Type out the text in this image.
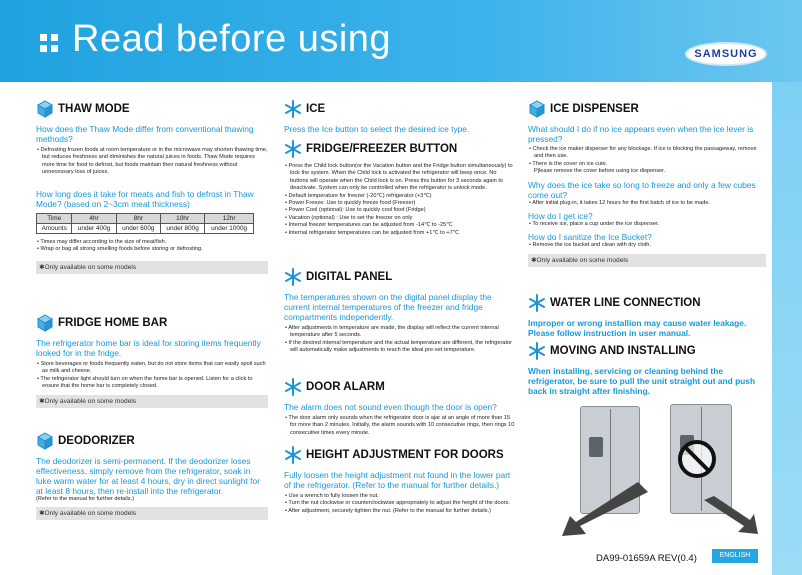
Read before using	SAMSUNG
THAW MODE
How does the Thaw Mode differ from conventional thawing methods?
• Defrosting frozen foods at room temperature or in the microwave may shorten thawing time, but reduces freshness and diminishes the natural juices in foods. Thaw Mode requires more time for food to defrost, but foods maintain their natural freshness without unnecessary loss of juices.
How long does it take for meats and fish to defrost in Thaw Mode? (based on 2~3cm meat thickness)
Time	4hr	8hr	10hr	12hr
Amounts	under 400g	under 600g	under 800g	under 1000g
• Times may differ according to the size of meat/fish.
• Wrap or bag all strong smelling foods before storing or defrosting.
✱Only available on some models
FRIDGE HOME BAR
The refrigerator home bar is ideal for storing items frequently looked for in the fridge.
• Store beverages or foods frequently eaten, but do not store items that can easily spoil such as milk and cheese.
• The refrigerator light should turn on when the home bar is opened. Listen for a click to ensure that the home bar is completely closed.
✱Only available on some models
DEODORIZER
The deodorizer is semi-permanent. If the deodorizer loses effectiveness, simply remove from the refrigerator, soak in luke warm water for at least 4 hours, dry in direct sunlight for at least 8 hours, then re-install into the refrigerator.
(Refer to the manual for further details.)
✱Only available on some models
ICE
Press the Ice button to select the desired ice type.
FRIDGE/FREEZER BUTTON
• Press the Child lock button(or the Vacation button and the Fridge button simultaneously) to lock the system. When the Child lock is activated the refrigerator will beep once. No buttons will operate when the Child lock is on. Press this button for 3 seconds again to deactivate. System can only be controlled when the refrigerator is unlock mode.
• Default temperature for freezer (-20℃) refrigerator (+3℃)
• Power Freeze: Use to quickly freeze food (Freezer)
• Power Cool (optional): Use to quickly cool food (Fridge)
• Vacation (optional) : Use to set the freezer on only
• Internal freezer temperatures can be adjusted from -14℃ to -25℃
• Internal refrigerator temperatures can be adjusted from +1℃ to +7℃
DIGITAL PANEL
The temperatures shown on the digital panel display the current internal temperatures of the freezer and fridge compartments independently.
• After adjustments in temperature are made, the display will reflect the current internal temperature after 5 seconds.
• If the desired internal temperature and the actual temperature are different, the refrigerator will automatically make adjustments to reach the ideal pre-set temperature.
DOOR ALARM
The alarm does not sound even though the door is open?
• The door alarm only sounds when the refrigerator door is ajar at an angle of more than 15 for more than 2 minutes. Initially, the alarm sounds with 10 consecutive rings, then rings 10 consecutive times every minute.
HEIGHT ADJUSTMENT FOR DOORS
Fully loosen the height adjustment nut found in the lower part of the refrigerator. (Refer to the manual for further details.)
• Use a wrench to fully loosen the nut.
• Turn the nut clockwise or counterclockwise appropriately to adjust the height of the doors.
• After adjustment, securely tighten the nut. (Refer to the manual for further details.)
ICE DISPENSER
What should I do if no ice appears even when the ice lever is pressed?
• Check the ice maker disperser for any blockage. If ice is blocking the passageway, remove and then use.
• There is the cover on ice cute.
Pjlease remove the cover before using ice dispenser.
Why does the ice take so long to freeze and only a few cubes come out?
• After initial plug-in, it takes 12 hours for the first batch of ice to be made.
How do I get ice?
• To receive ice, place a cup under the ice dispenser.
How do I sanitize the Ice Bucket?
• Remove the ice bucket and clean with dry cloth.
✱Only available on some models
WATER LINE CONNECTION
Improper or wrong installion may cause water leakage. Please follow instruction in user manual.
MOVING AND INSTALLING
When installing, servicing or cleaning behind the refrigerator, be sure to pull the unit straight out and push back in straight after finishing.
DA99-01659A REV(0.4)	ENGLISH
